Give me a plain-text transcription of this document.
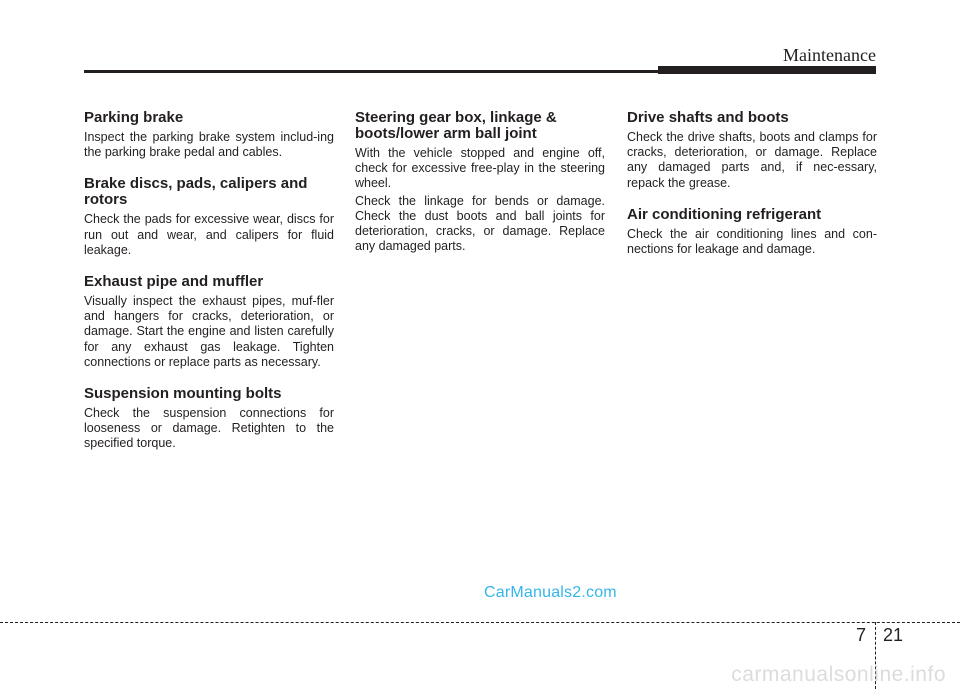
Maintenance
Parking brake

Inspect the parking brake system includ-ing the parking brake pedal and cables.

Brake discs, pads, calipers and rotors

Check the pads for excessive wear, discs for run out and wear, and calipers for fluid leakage.

Exhaust pipe and muffler

Visually inspect the exhaust pipes, muf-fler and hangers for cracks, deterioration, or damage. Start the engine and listen carefully for any exhaust gas leakage. Tighten connections or replace parts as necessary.

Suspension mounting bolts

Check the suspension connections for looseness or damage. Retighten to the specified torque.

Steering gear box, linkage & boots/lower arm ball joint

With the vehicle stopped and engine off, check for excessive free-play in the steering wheel.

Check the linkage for bends or damage. Check the dust boots and ball joints for deterioration, cracks, or damage. Replace any damaged parts.

Drive shafts and boots

Check the drive shafts, boots and clamps for cracks, deterioration, or damage. Replace any damaged parts and, if nec-essary, repack the grease.

Air conditioning refrigerant

Check the air conditioning lines and con-nections for leakage and damage.

CarManuals2.com
7 21
carmanualsonline.info
